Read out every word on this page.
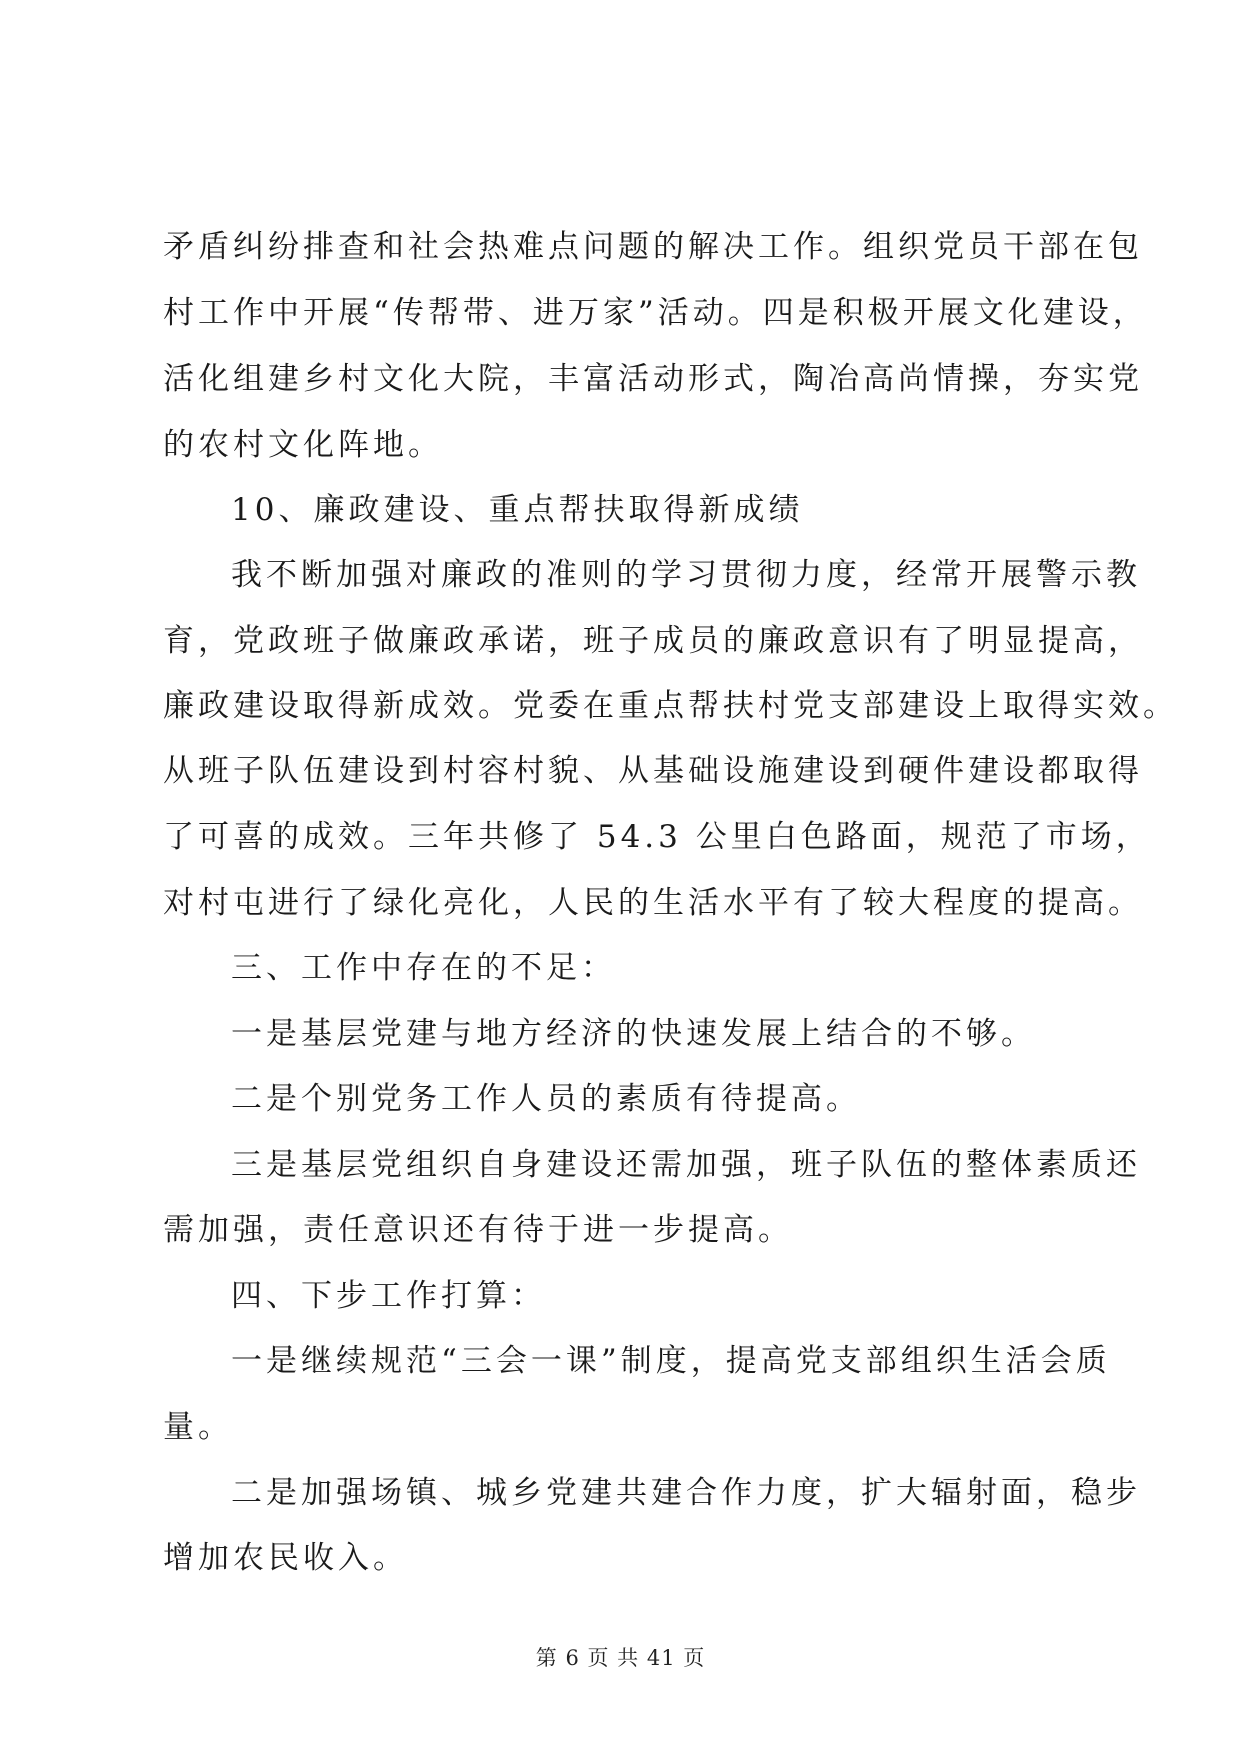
矛盾纠纷排查和社会热难点问题的解决工作。组织党员干部在包
村工作中开展“传帮带、进万家”活动。四是积极开展文化建设，
活化组建乡村文化大院，丰富活动形式，陶冶高尚情操，夯实党
的农村文化阵地。
10、廉政建设、重点帮扶取得新成绩
我不断加强对廉政的准则的学习贯彻力度，经常开展警示教
育，党政班子做廉政承诺，班子成员的廉政意识有了明显提高，
廉政建设取得新成效。党委在重点帮扶村党支部建设上取得实效。
从班子队伍建设到村容村貌、从基础设施建设到硬件建设都取得
了可喜的成效。三年共修了 54.3 公里白色路面，规范了市场，
对村屯进行了绿化亮化，人民的生活水平有了较大程度的提高。
三、工作中存在的不足：
一是基层党建与地方经济的快速发展上结合的不够。
二是个别党务工作人员的素质有待提高。
三是基层党组织自身建设还需加强，班子队伍的整体素质还
需加强，责任意识还有待于进一步提高。
四、下步工作打算：
一是继续规范“三会一课”制度，提高党支部组织生活会质
量。
二是加强场镇、城乡党建共建合作力度，扩大辐射面，稳步
增加农民收入。
第 6 页 共 41 页
